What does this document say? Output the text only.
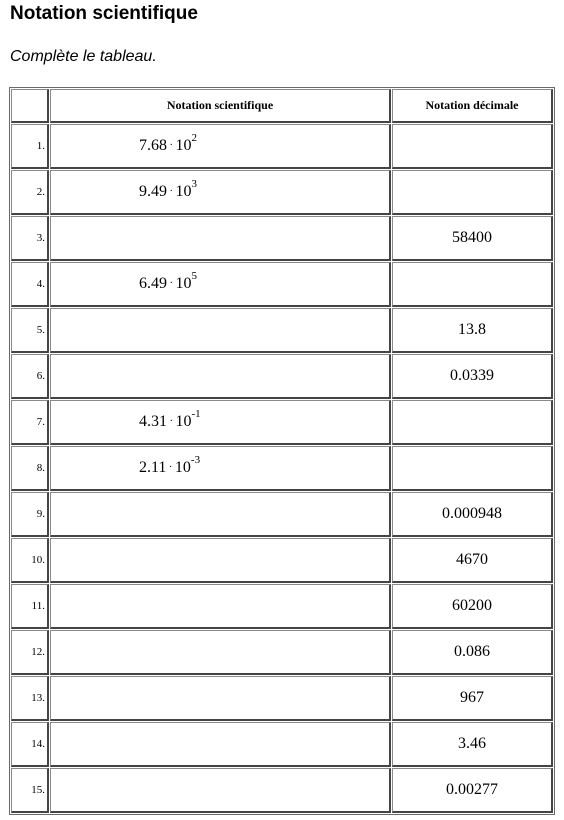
Notation scientifique
Complète le tableau.
	Notation scientifique	Notation décimale
1.	7.68 . $10^2$	
2.	9.49 . $10^3$	
3.		58400
4.	6.49 . $10^5$	
5.		13.8
6.		0.0339
7.	4.31 . $10^{-1}$	
8.	2.11 . $10^{-3}$	
9.		0.000948
10.		4670
11.		60200
12.		0.086
13.		967
14.		3.46
15.		0.00277
